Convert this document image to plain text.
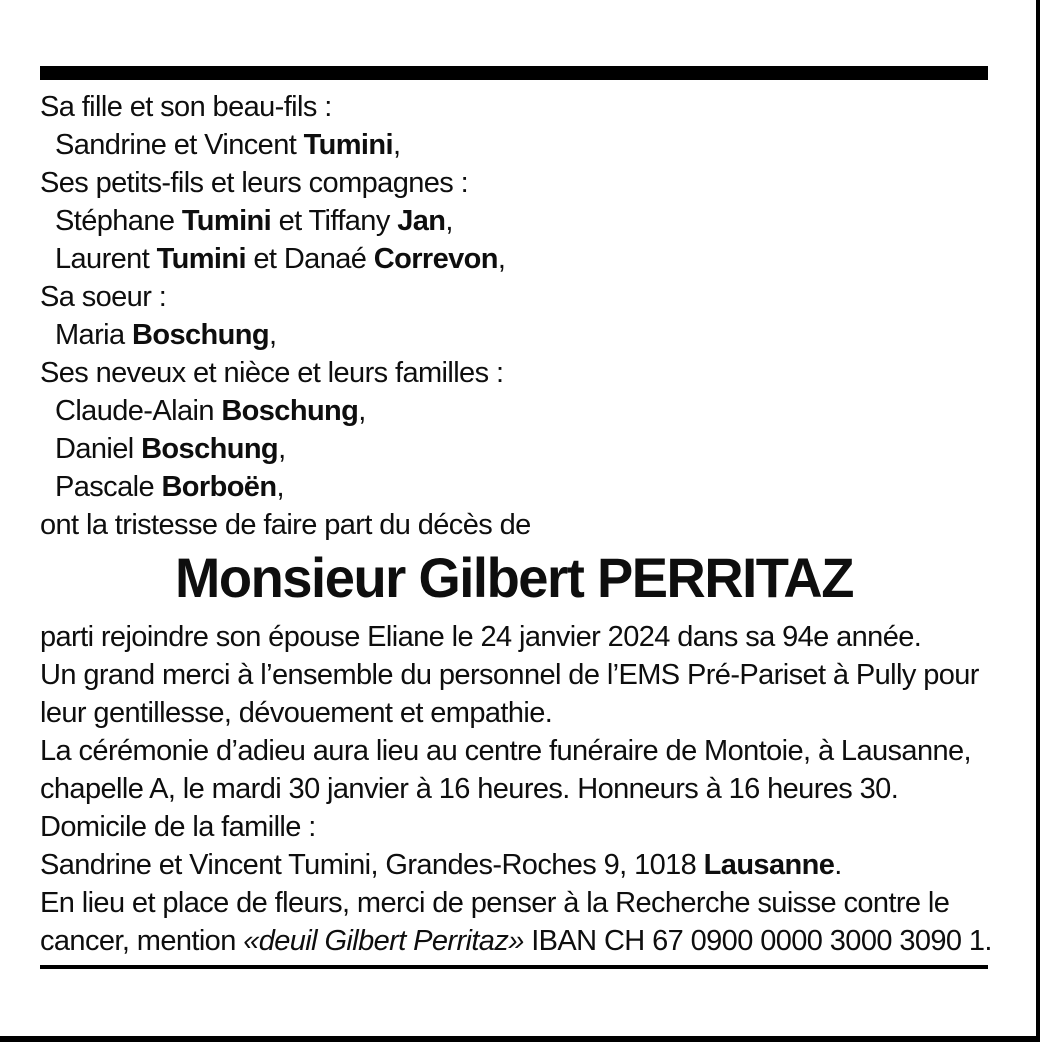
Sa fille et son beau-fils :
Sandrine et Vincent Tumini,
Ses petits-fils et leurs compagnes :
Stéphane Tumini et Tiffany Jan,
Laurent Tumini et Danaé Correvon,
Sa soeur :
Maria Boschung,
Ses neveux et nièce et leurs familles :
Claude-Alain Boschung,
Daniel Boschung,
Pascale Borboën,
ont la tristesse de faire part du décès de
Monsieur Gilbert PERRITAZ
parti rejoindre son épouse Eliane le 24 janvier 2024 dans sa 94e année.
Un grand merci à l’ensemble du personnel de l’EMS Pré-Pariset à Pully pour
leur gentillesse, dévouement et empathie.
La cérémonie d’adieu aura lieu au centre funéraire de Montoie, à Lausanne,
chapelle A, le mardi 30 janvier à 16 heures. Honneurs à 16 heures 30.
Domicile de la famille :
Sandrine et Vincent Tumini, Grandes-Roches 9, 1018 Lausanne.
En lieu et place de fleurs, merci de penser à la Recherche suisse contre le
cancer, mention «deuil Gilbert Perritaz» IBAN CH 67 0900 0000 3000 3090 1.
